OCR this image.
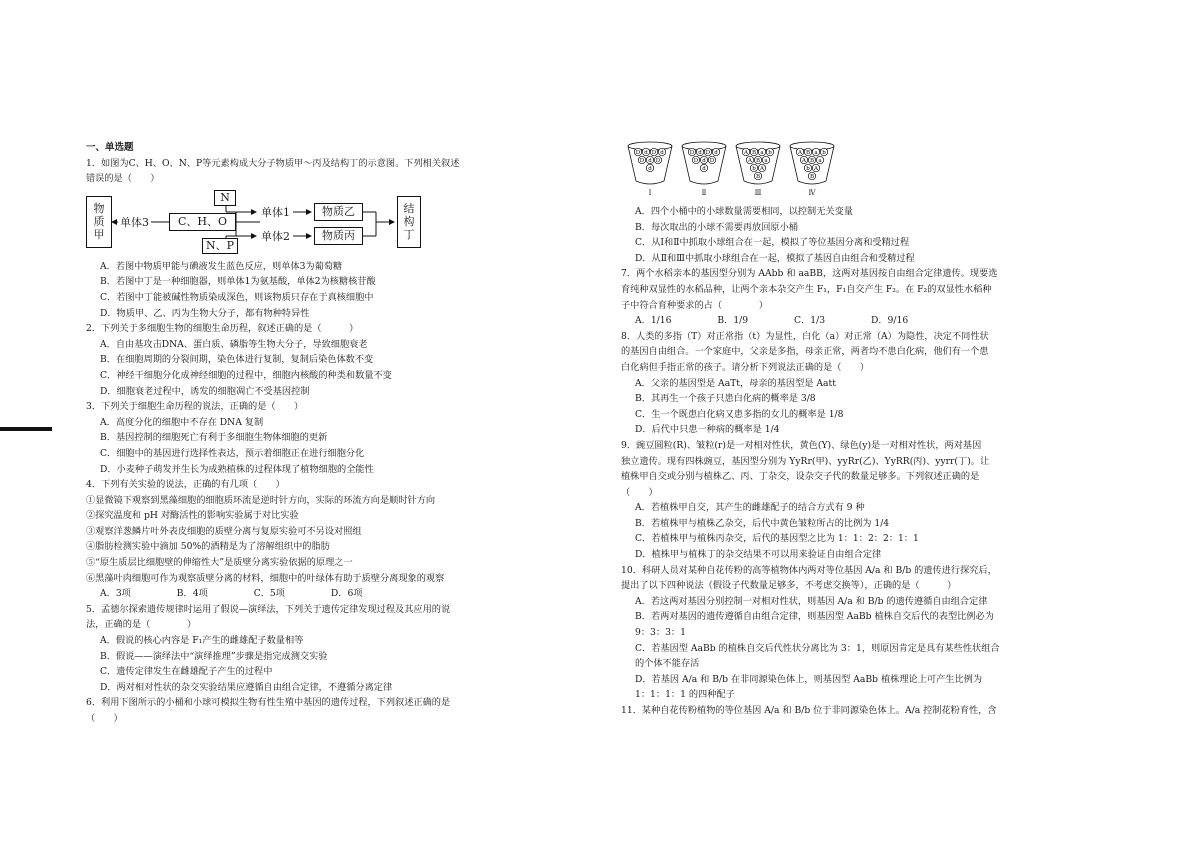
一、单选题
1．如图为C、H、O、N、P等元素构成大分子物质甲～丙及结构丁的示意图。下列相关叙述
错误的是（　　）
物
质
甲
单体3
N
C、H、O
N、P
单体1
单体2
物质乙
物质丙
结
构
丁
A．若图中物质甲能与碘液发生蓝色反应，则单体3为葡萄糖
B．若图中丁是一种细胞器，则单体1为氨基酸，单体2为核糖核苷酸
C．若图中丁能被碱性物质染成深色，则该物质只存在于真核细胞中
D．物质甲、乙、丙为生物大分子，都有物种特异性
2．下列关于多细胞生物的细胞生命历程，叙述正确的是（　　　）
A．自由基攻击DNA、蛋白质、磷脂等生物大分子，导致细胞衰老
B．在细胞周期的分裂间期，染色体进行复制，复制后染色体数不变
C．神经干细胞分化成神经细胞的过程中，细胞内核酸的种类和数量不变
D．细胞衰老过程中，诱发的细胞凋亡不受基因控制
3．下列关于细胞生命历程的说法，正确的是（　　）
A．高度分化的细胞中不存在 DNA 复制
B．基因控制的细胞死亡有利于多细胞生物体细胞的更新
C．细胞中的基因进行选择性表达，预示着细胞正在进行细胞分化
D．小麦种子萌发并生长为成熟植株的过程体现了植物细胞的全能性
4．下列有关实验的说法，正确的有几项（　　）
①显微镜下观察到黑藻细胞的细胞质环流是逆时针方向，实际的环流方向是顺时针方向
②探究温度和 pH 对酶活性的影响实验属于对比实验
③观察洋葱鳞片叶外表皮细胞的质壁分离与复原实验可不另设对照组
④脂肪检测实验中滴加 50%的酒精是为了溶解组织中的脂肪
⑤“原生质层比细胞壁的伸缩性大”是质壁分离实验依据的原理之一
⑥黑藻叶肉细胞可作为观察质壁分离的材料，细胞中的叶绿体有助于质壁分离现象的观察
A．3项　　　　　B．4项　　　　　C．5项　　　　　D．6项
5．孟德尔探索遗传规律时运用了假说—演绎法，下列关于遗传定律发现过程及其应用的说
法，正确的是（　　　　）
A．假说的核心内容是 F₁产生的雌雄配子数量相等
B．假说——演绎法中“演绎推理”步骤是指完成测交实验
C．遗传定律发生在雌雄配子产生的过程中
D．两对相对性状的杂交实验结果应遵循自由组合定律，不遵循分离定律
6．利用下图所示的小桶和小球可模拟生物有性生殖中基因的遗传过程，下列叙述正确的是
（　　）
D d D d
D d D
d
Ⅰ
D d D d
D d D
d
Ⅱ
A B a b
A B a
b A
B
Ⅲ
A B a b
A B a
b A
B
Ⅳ
A．四个小桶中的小球数量需要相同，以控制无关变量
B．每次取出的小球不需要再放回原小桶
C．从Ⅰ和Ⅱ中抓取小球组合在一起，模拟了等位基因分离和受精过程
D．从Ⅱ和Ⅲ中抓取小球组合在一起，模拟了基因自由组合和受精过程
7．两个水稻亲本的基因型分别为 AAbb 和 aaBB，这两对基因按自由组合定律遗传。现要选
育纯种双显性的水稻品种，让两个亲本杂交产生 F₁，F₁自交产生 F₂。在 F₂的双显性水稻种
子中符合育种要求的占（　　　　）
A．1/16　　　　　B．1/9　　　　　C．1/3　　　　　D．9/16
8．人类的多指（T）对正常指（t）为显性，白化（a）对正常（A）为隐性，决定不同性状
的基因自由组合。一个家庭中，父亲是多指，母亲正常，两者均不患白化病，他们有一个患
白化病但手指正常的孩子。请分析下列说法正确的是（　　）
A．父亲的基因型是 AaTt，母亲的基因型是 Aatt
B．其再生一个孩子只患白化病的概率是 3/8
C．生一个既患白化病又患多指的女儿的概率是 1/8
D．后代中只患一种病的概率是 1/4
9．豌豆圆粒(R)、皱粒(r)是一对相对性状，黄色(Y)、绿色(y)是一对相对性状，两对基因
独立遗传。现有四株豌豆，基因型分别为 YyRr(甲)、yyRr(乙)、YyRR(丙)、yyrr(丁)。让
植株甲自交或分别与植株乙、丙、丁杂交，设杂交子代的数量足够多。下列叙述正确的是
（　　）
A．若植株甲自交，其产生的雌雄配子的结合方式有 9 种
B．若植株甲与植株乙杂交，后代中黄色皱粒所占的比例为 1/4
C．若植株甲与植株丙杂交，后代的基因型之比为 1：1：2：2：1：1
D．植株甲与植株丁的杂交结果不可以用来验证自由组合定律
10．科研人员对某种自花传粉的高等植物体内两对等位基因 A/a 和 B/b 的遗传进行探究后，
提出了以下四种说法（假设子代数量足够多，不考虑交换等），正确的是（　　　）
A．若这两对基因分别控制一对相对性状，则基因 A/a 和 B/b 的遗传遵循自由组合定律
B．若两对基因的遗传遵循自由组合定律，则基因型 AaBb 植株自交后代的表型比例必为
9：3：3：1
C．若基因型 AaBb 的植株自交后代性状分离比为 3：1，则原因肯定是具有某些性状组合
的个体不能存活
D．若基因 A/a 和 B/b 在非同源染色体上，则基因型 AaBb 植株理论上可产生比例为
1：1：1：1 的四种配子
11．某种自花传粉植物的等位基因 A/a 和 B/b 位于非同源染色体上。A/a 控制花粉育性，含
